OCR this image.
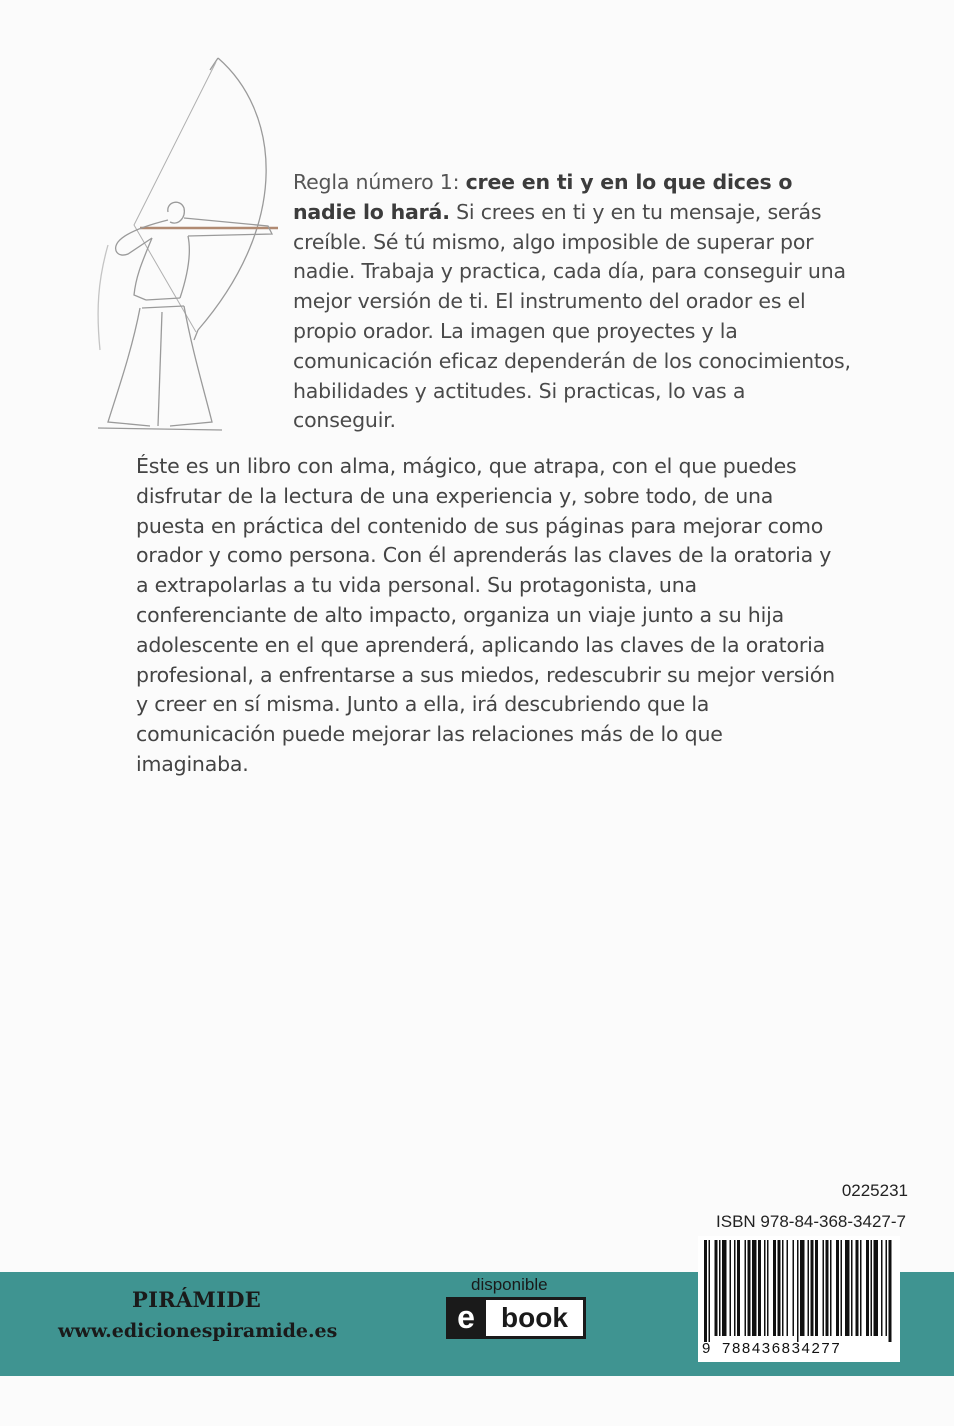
Regla número 1: cree en ti y en lo que dices o nadie lo hará. Si crees en ti y en tu mensaje, serás creíble. Sé tú mismo, algo imposible de superar por nadie. Trabaja y practica, cada día, para conseguir una mejor versión de ti. El instrumento del orador es el propio orador. La imagen que proyectes y la comunicación eficaz dependerán de los conocimientos, habilidades y actitudes. Si practicas, lo vas a conseguir.
Éste es un libro con alma, mágico, que atrapa, con el que puedes disfrutar de la lectura de una experiencia y, sobre todo, de una puesta en práctica del contenido de sus páginas para mejorar como orador y como persona. Con él aprenderás las claves de la oratoria y a extrapolarlas a tu vida personal. Su protagonista, una conferenciante de alto impacto, organiza un viaje junto a su hija adolescente en el que aprenderá, aplicando las claves de la oratoria profesional, a enfrentarse a sus miedos, redescubrir su mejor versión y creer en sí misma. Junto a ella, irá descubriendo que la comunicación puede mejorar las relaciones más de lo que imaginaba.
0225231
ISBN 978-84-368-3427-7
PIRÁMIDE
www.edicionespiramide.es
disponible
e book
9 788436834277
